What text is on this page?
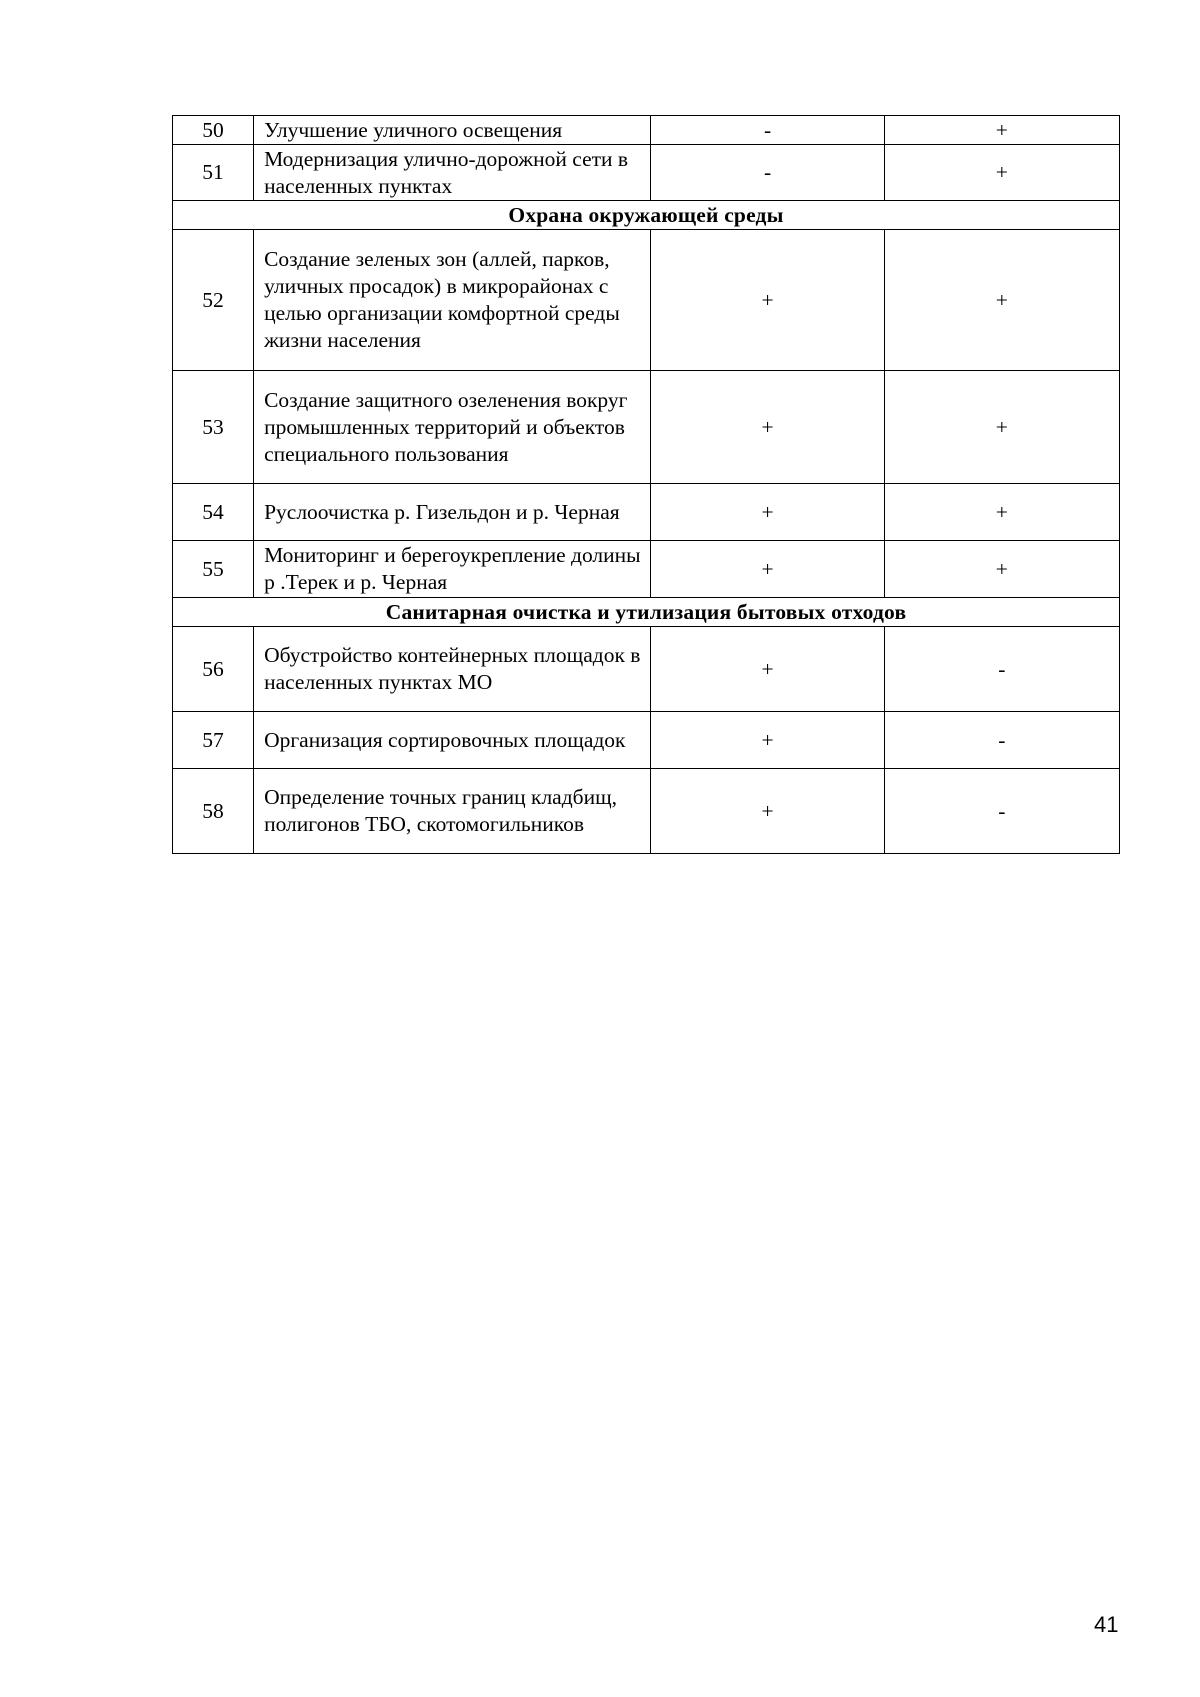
50	Улучшение уличного освещения	-	+
51	Модернизация улично-дорожной сети в населенных пунктах	-	+
Охрана окружающей среды			
52	Создание зеленых зон (аллей, парков, уличных просадок) в микрорайонах с целью организации комфортной среды жизни населения	+	+
53	Создание защитного озеленения вокруг промышленных территорий и объектов специального пользования	+	+
54	Руслоочистка р. Гизельдон и р. Черная	+	+
55	Мониторинг и берегоукрепление долины р .Терек и р. Черная	+	+
Санитарная очистка и утилизация бытовых отходов			
56	Обустройство контейнерных площадок в населенных пунктах МО	+	-
57	Организация сортировочных площадок	+	-
58	Определение точных границ кладбищ, полигонов ТБО, скотомогильников	+	-
41
